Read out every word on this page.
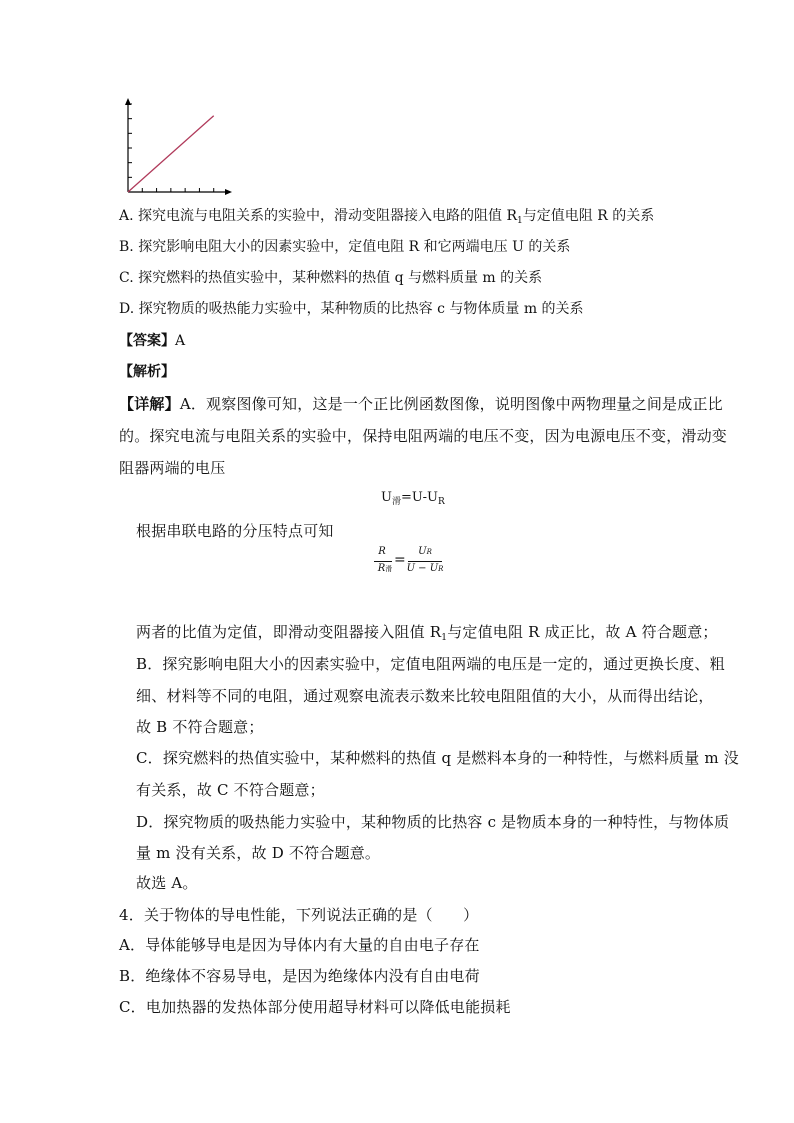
A. 探究电流与电阻关系的实验中，滑动变阻器接入电路的阻值 $R_1$与定值电阻 R 的关系
B. 探究影响电阻大小的因素实验中，定值电阻 R 和它两端电压 U 的关系
C. 探究燃料的热值实验中，某种燃料的热值 q 与燃料质量 m 的关系
D. 探究物质的吸热能力实验中，某种物质的比热容 c 与物体质量 m 的关系
【答案】A
【解析】
【详解】A．观察图像可知，这是一个正比例函数图像，说明图像中两物理量之间是成正比
的。探究电流与电阻关系的实验中，保持电阻两端的电压不变，因为电源电压不变，滑动变
阻器两端的电压
$U_滑=U-U_R$
根据串联电路的分压特点可知
R
R滑
=
UR
U − UR
两者的比值为定值，即滑动变阻器接入阻值 $R_1$与定值电阻 R 成正比，故 A 符合题意；
B．探究影响电阻大小的因素实验中，定值电阻两端的电压是一定的，通过更换长度、粗
细、材料等不同的电阻，通过观察电流表示数来比较电阻阻值的大小，从而得出结论，
故 B 不符合题意；
C．探究燃料的热值实验中，某种燃料的热值 q 是燃料本身的一种特性，与燃料质量 m 没
有关系，故 C 不符合题意；
D．探究物质的吸热能力实验中，某种物质的比热容 c 是物质本身的一种特性，与物体质
量 m 没有关系，故 D 不符合题意。
故选 A。
4．关于物体的导电性能，下列说法正确的是（　　）
A．导体能够导电是因为导体内有大量的自由电子存在
B．绝缘体不容易导电，是因为绝缘体内没有自由电荷
C．电加热器的发热体部分使用超导材料可以降低电能损耗
